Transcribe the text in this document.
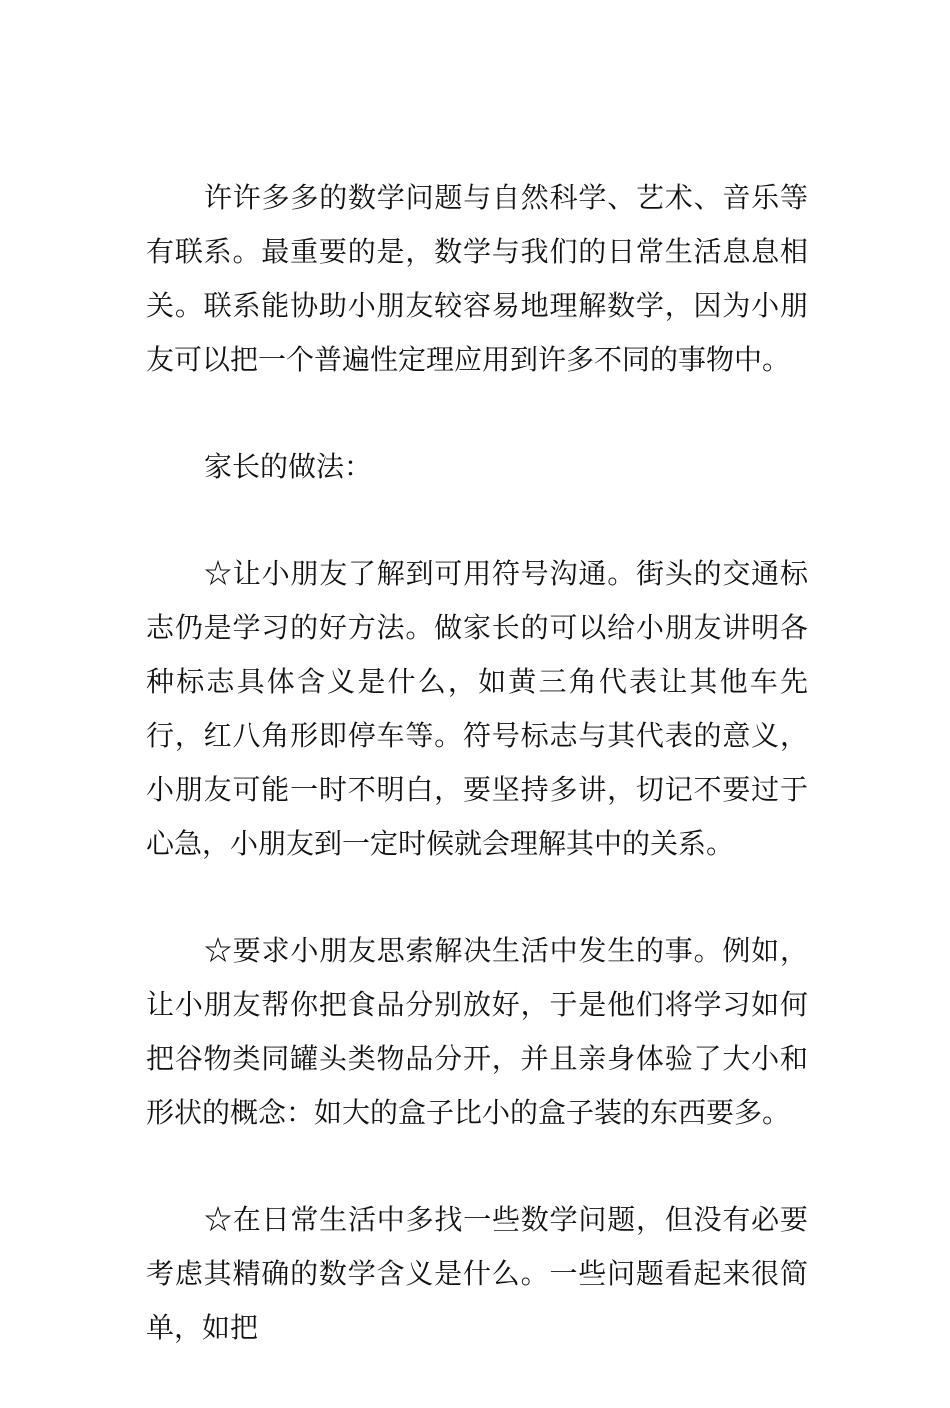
许许多多的数学问题与自然科学、艺术、音乐等有联系。最重要的是，数学与我们的日常生活息息相关。联系能协助小朋友较容易地理解数学，因为小朋友可以把一个普遍性定理应用到许多不同的事物中。

家长的做法：

☆让小朋友了解到可用符号沟通。街头的交通标志仍是学习的好方法。做家长的可以给小朋友讲明各种标志具体含义是什么，如黄三角代表让其他车先行，红八角形即停车等。符号标志与其代表的意义，小朋友可能一时不明白，要坚持多讲，切记不要过于心急，小朋友到一定时候就会理解其中的关系。

☆要求小朋友思索解决生活中发生的事。例如，让小朋友帮你把食品分别放好，于是他们将学习如何把谷物类同罐头类物品分开，并且亲身体验了大小和形状的概念：如大的盒子比小的盒子装的东西要多。

☆在日常生活中多找一些数学问题，但没有必要考虑其精确的数学含义是什么。一些问题看起来很简单，如把
